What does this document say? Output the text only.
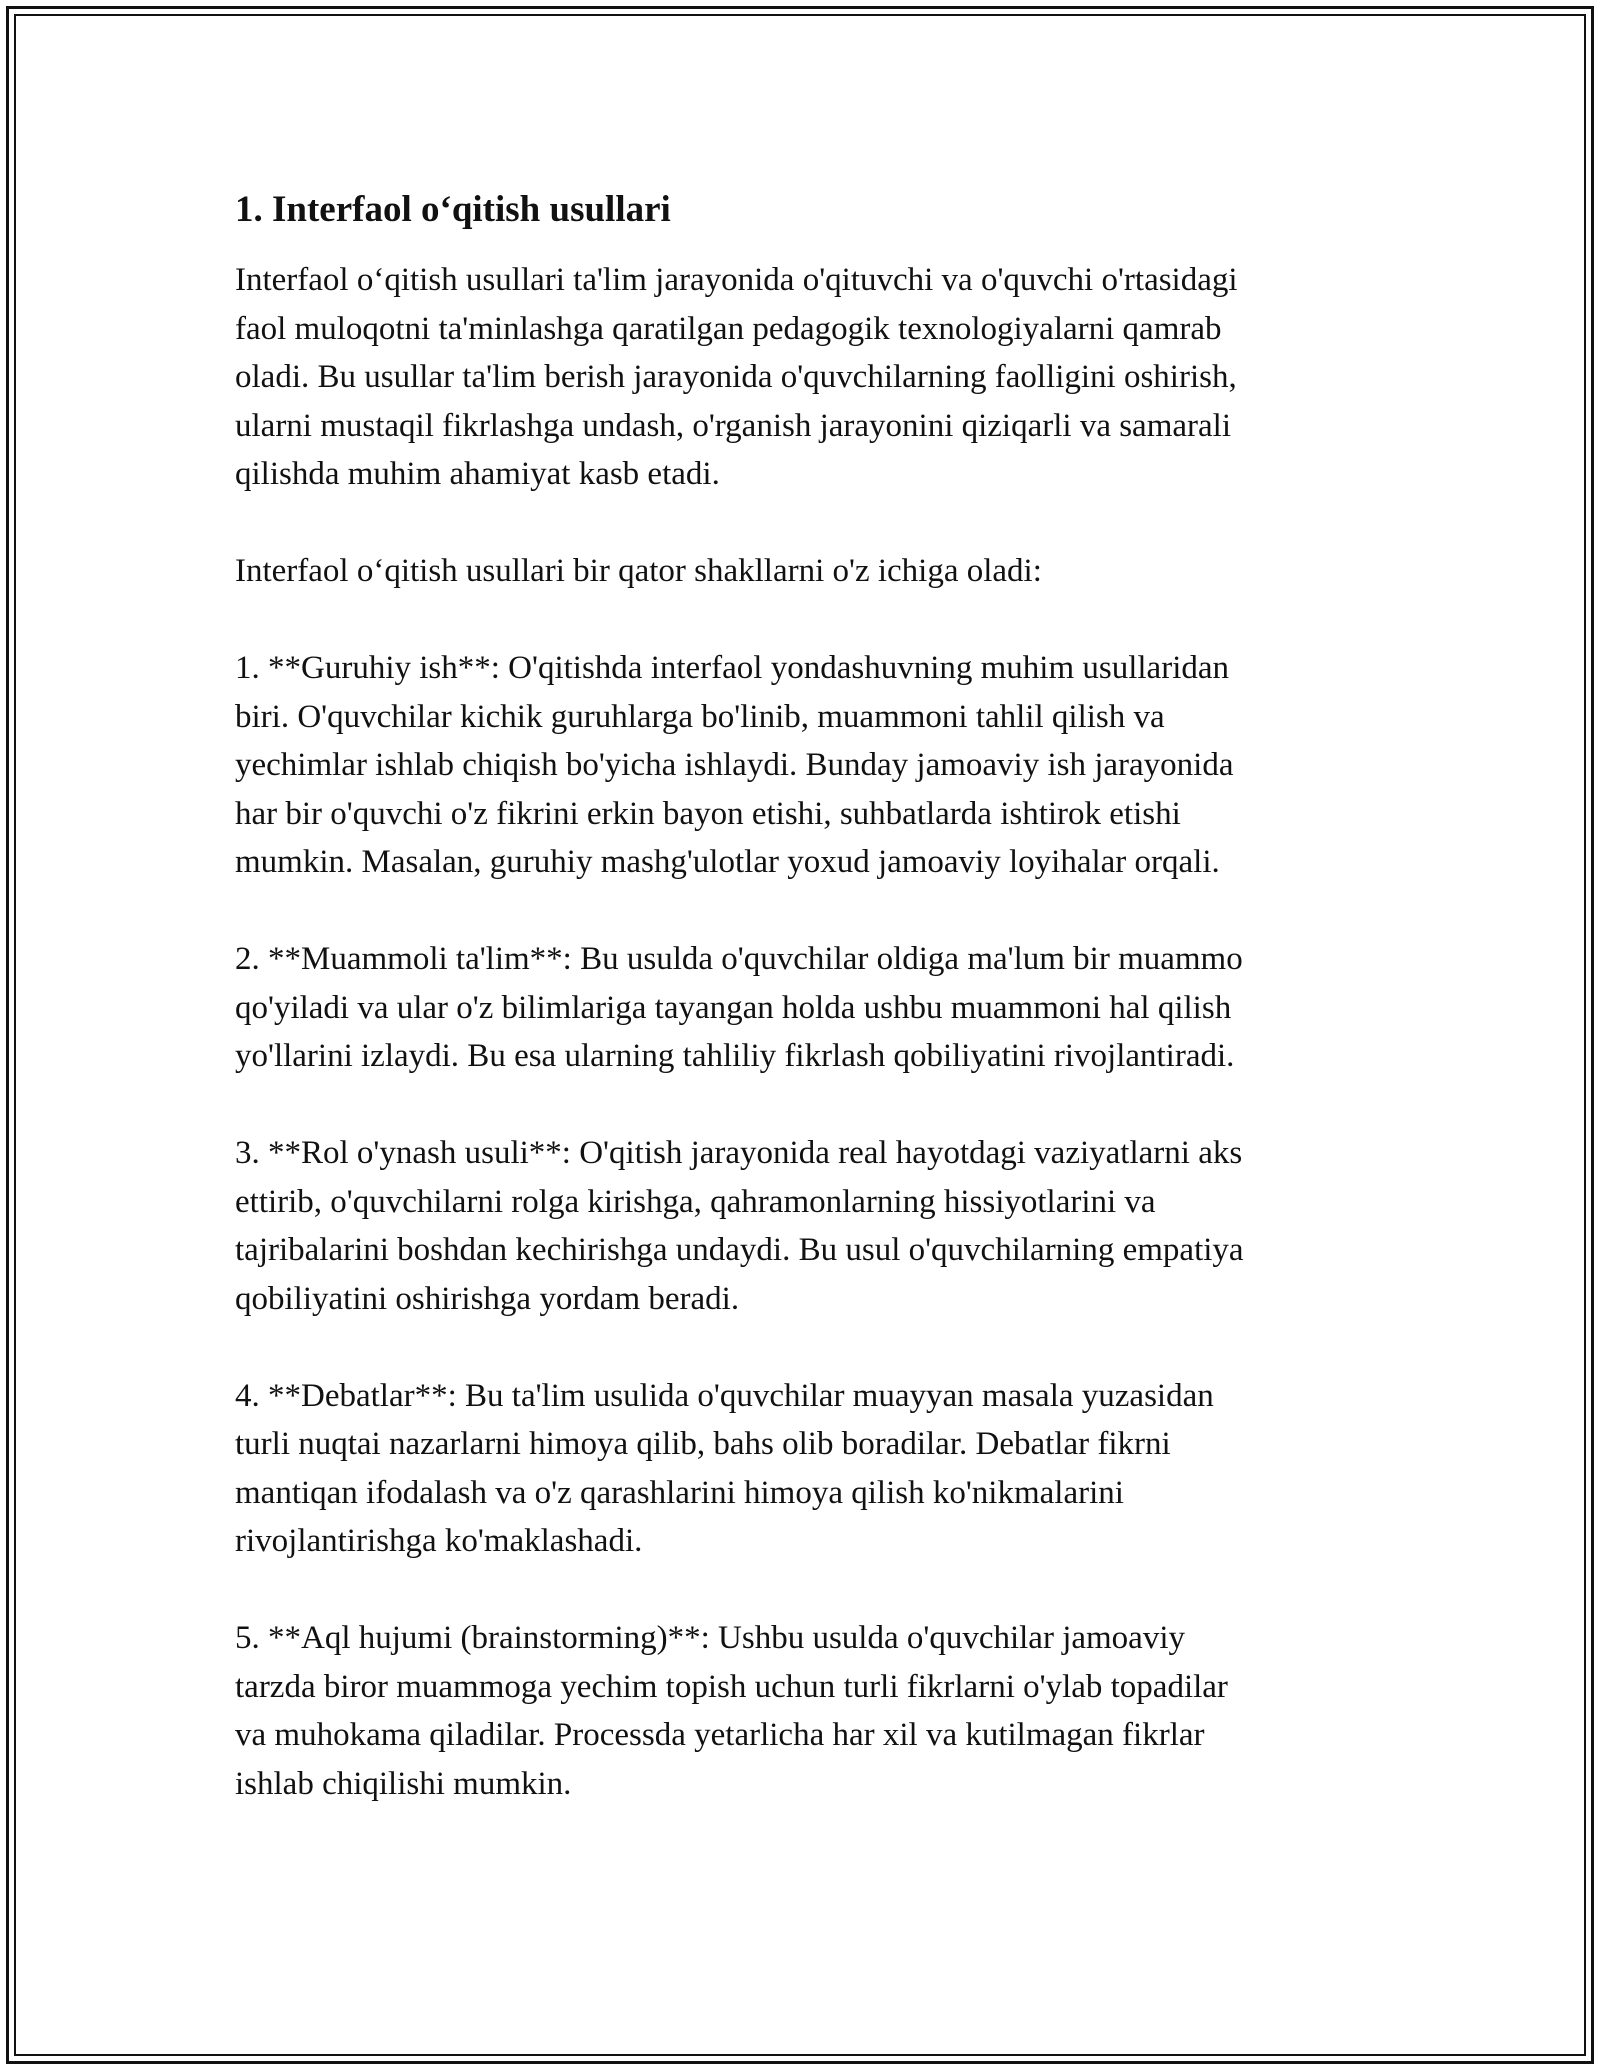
1. Interfaol o‘qitish usullari

Interfaol o‘qitish usullari ta'lim jarayonida o'qituvchi va o'quvchi o'rtasidagi
faol muloqotni ta'minlashga qaratilgan pedagogik texnologiyalarni qamrab
oladi. Bu usullar ta'lim berish jarayonida o'quvchilarning faolligini oshirish,
ularni mustaqil fikrlashga undash, o'rganish jarayonini qiziqarli va samarali
qilishda muhim ahamiyat kasb etadi.

Interfaol o‘qitish usullari bir qator shakllarni o'z ichiga oladi:

1. **Guruhiy ish**: O'qitishda interfaol yondashuvning muhim usullaridan
biri. O'quvchilar kichik guruhlarga bo'linib, muammoni tahlil qilish va
yechimlar ishlab chiqish bo'yicha ishlaydi. Bunday jamoaviy ish jarayonida
har bir o'quvchi o'z fikrini erkin bayon etishi, suhbatlarda ishtirok etishi
mumkin. Masalan, guruhiy mashg'ulotlar yoxud jamoaviy loyihalar orqali.

2. **Muammoli ta'lim**: Bu usulda o'quvchilar oldiga ma'lum bir muammo
qo'yiladi va ular o'z bilimlariga tayangan holda ushbu muammoni hal qilish
yo'llarini izlaydi. Bu esa ularning tahliliy fikrlash qobiliyatini rivojlantiradi.

3. **Rol o'ynash usuli**: O'qitish jarayonida real hayotdagi vaziyatlarni aks
ettirib, o'quvchilarni rolga kirishga, qahramonlarning hissiyotlarini va
tajribalarini boshdan kechirishga undaydi. Bu usul o'quvchilarning empatiya
qobiliyatini oshirishga yordam beradi.

4. **Debatlar**: Bu ta'lim usulida o'quvchilar muayyan masala yuzasidan
turli nuqtai nazarlarni himoya qilib, bahs olib boradilar. Debatlar fikrni
mantiqan ifodalash va o'z qarashlarini himoya qilish ko'nikmalarini
rivojlantirishga ko'maklashadi.

5. **Aql hujumi (brainstorming)**: Ushbu usulda o'quvchilar jamoaviy
tarzda biror muammoga yechim topish uchun turli fikrlarni o'ylab topadilar
va muhokama qiladilar. Processda yetarlicha har xil va kutilmagan fikrlar
ishlab chiqilishi mumkin.
